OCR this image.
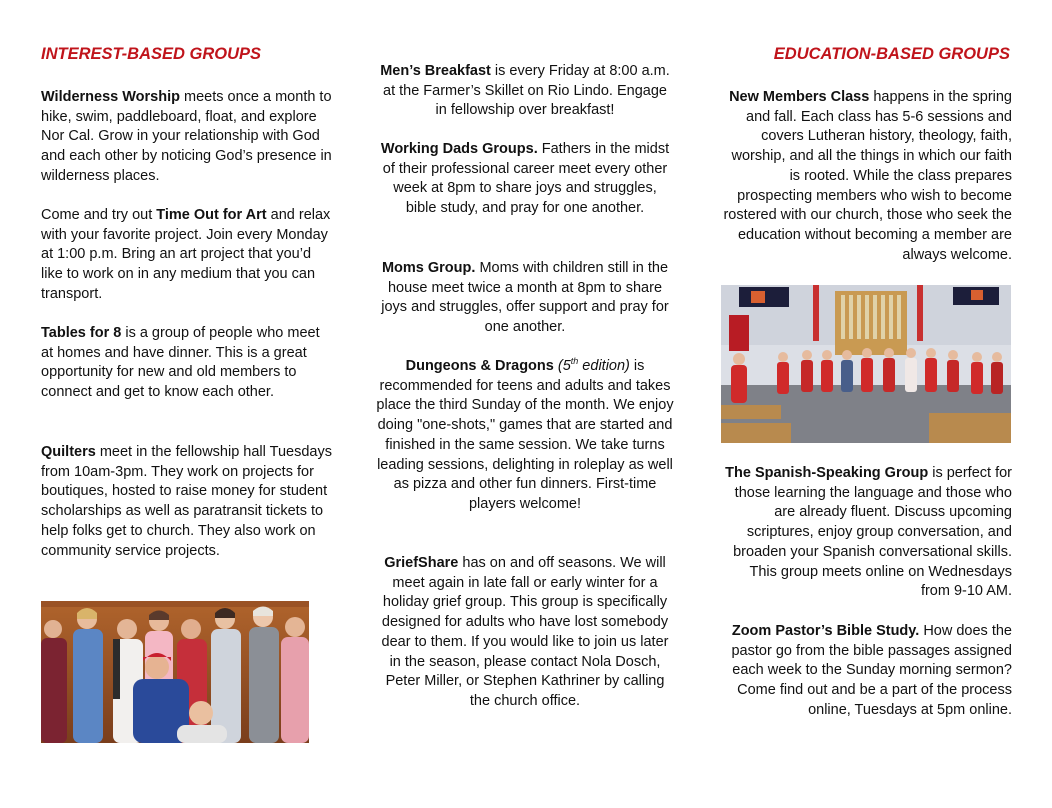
INTEREST-BASED GROUPS

Wilderness Worship meets once a month to hike, swim, paddleboard, float, and explore Nor Cal. Grow in your relationship with God and each other by noticing God’s presence in wilderness places.

Come and try out Time Out for Art and relax with your favorite project. Join every Monday at 1:00 p.m. Bring an art project that you’d like to work on in any medium that you can transport.

Tables for 8 is a group of people who meet at homes and have dinner. This is a great opportunity for new and old members to connect and get to know each other.

Quilters meet in the fellowship hall Tuesdays from 10am-3pm. They work on projects for boutiques, hosted to raise money for student scholarships as well as paratransit tickets to help folks get to church. They also work on community service projects.

Men’s Breakfast is every Friday at 8:00 a.m. at the Farmer’s Skillet on Rio Lindo. Engage in fellowship over breakfast!

Working Dads Groups. Fathers in the midst of their professional career meet every other week at 8pm to share joys and struggles, bible study, and pray for one another.

Moms Group. Moms with children still in the house meet twice a month at 8pm to share joys and struggles, offer support and pray for one another.

Dungeons & Dragons (5th edition) is recommended for teens and adults and takes place the third Sunday of the month. We enjoy doing "one-shots," games that are started and finished in the same session. We take turns leading sessions, delighting in roleplay as well as pizza and other fun dinners. First-time players welcome!

GriefShare has on and off seasons. We will meet again in late fall or early winter for a holiday grief group. This group is specifically designed for adults who have lost somebody dear to them. If you would like to join us later in the season, please contact Nola Dosch, Peter Miller, or Stephen Kathriner by calling the church office.

EDUCATION-BASED GROUPS

New Members Class happens in the spring and fall. Each class has 5-6 sessions and covers Lutheran history, theology, faith, worship, and all the things in which our faith is rooted. While the class prepares prospecting members who wish to become rostered with our church, those who seek the education without becoming a member are always welcome.

The Spanish-Speaking Group is perfect for those learning the language and those who are already fluent. Discuss upcoming scriptures, enjoy group conversation, and broaden your Spanish conversational skills. This group meets online on Wednesdays from 9-10 AM.

Zoom Pastor’s Bible Study. How does the pastor go from the bible passages assigned each week to the Sunday morning sermon? Come find out and be a part of the process online, Tuesdays at 5pm online.
